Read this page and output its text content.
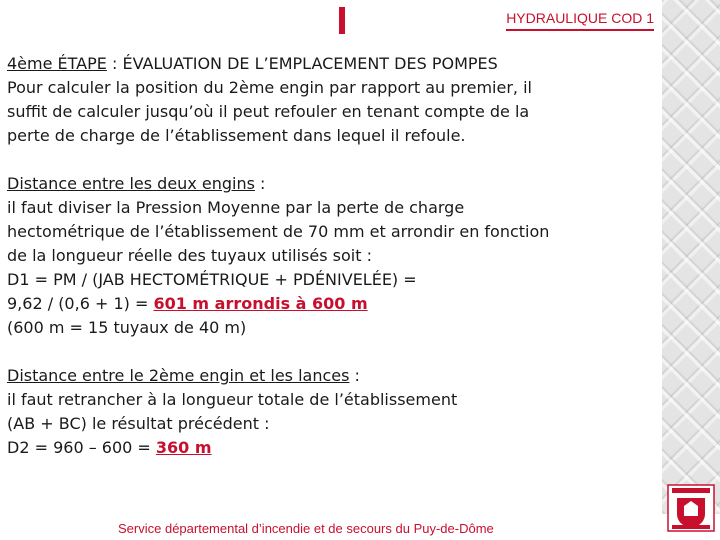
HYDRAULIQUE COD 1

4ème ÉTAPE : ÉVALUATION DE L’EMPLACEMENT DES POMPES

Pour calculer la position du 2ème engin par rapport au premier, il

suffit de calculer jusqu’où il peut refouler en tenant compte de la

perte de charge de l’établissement dans lequel il refoule.

Distance entre les deux engins :

il faut diviser la Pression Moyenne par la perte de charge

hectométrique de l’établissement de 70 mm et arrondir en fonction

de la longueur réelle des tuyaux utilisés soit :

D1 = PM / (JAB HECTOMÉTRIQUE + PDÉNIVELÉE) =

9,62 / (0,6 + 1) = 601 m arrondis à 600 m

(600 m = 15 tuyaux de 40 m)

Distance entre le 2ème engin et les lances :

il faut retrancher à la longueur totale de l’établissement

(AB + BC) le résultat précédent :

D2 = 960 – 600 = 360 m

Service départemental d’incendie et de secours du Puy-de-Dôme
